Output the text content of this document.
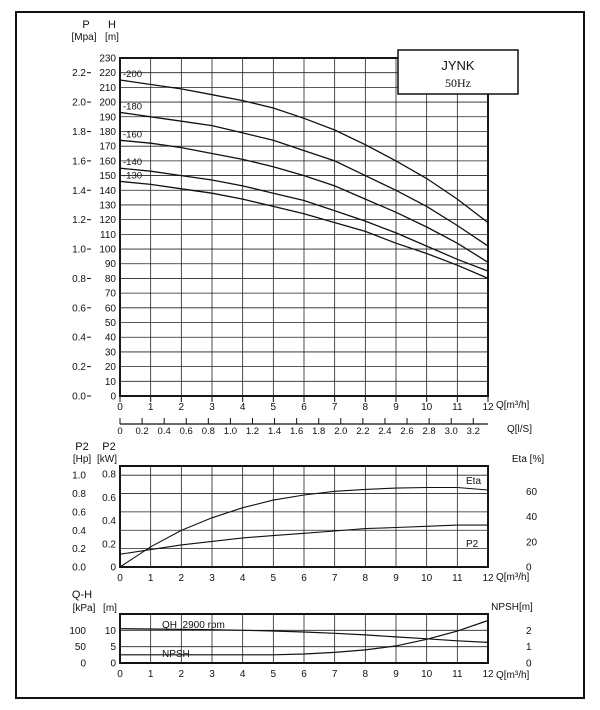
0	1	2	3	4	5	6	7	8	9 10 11 12
0
10
20
30
40
50
60
70
80
90
100
110
120
130
140
150
160
170
180
190
200
210
220
230
0.0
0.2
0.4
0.6
0.8
1.0
1.2
1.4
1.6
1.8
2.0
2.2
0 0.2 0.4 0.6 0.8 1.0 1.2 1.4 1.6 1.8 2.0 2.2 2.4 2.6 2.8 3.0 3.2
-200
-180
-160
-140
-130
JYNK
50Hz
P
[Mpa]
H
[m]
Q[m³/h]
Q[l/S]
0	1	2	3	4	5	6	7	8	9 10 11 12
0.0
0.2
0.4
0.6
0.8
1.0
0
0.2
0.4
0.6
0.8
0
20
40
60
Eta
P2
P2
[Hp]
P2
[kW]	Eta [%]
Q[m³/h]
0	1	2	3	4	5	6	7	8	9 10 11 12
0
50
100
0
5
10
0
1
2
Q-H
[kPa] [m]	NPSH[m]
QH  2900 rpm
NPSH
Q[m³/h]
